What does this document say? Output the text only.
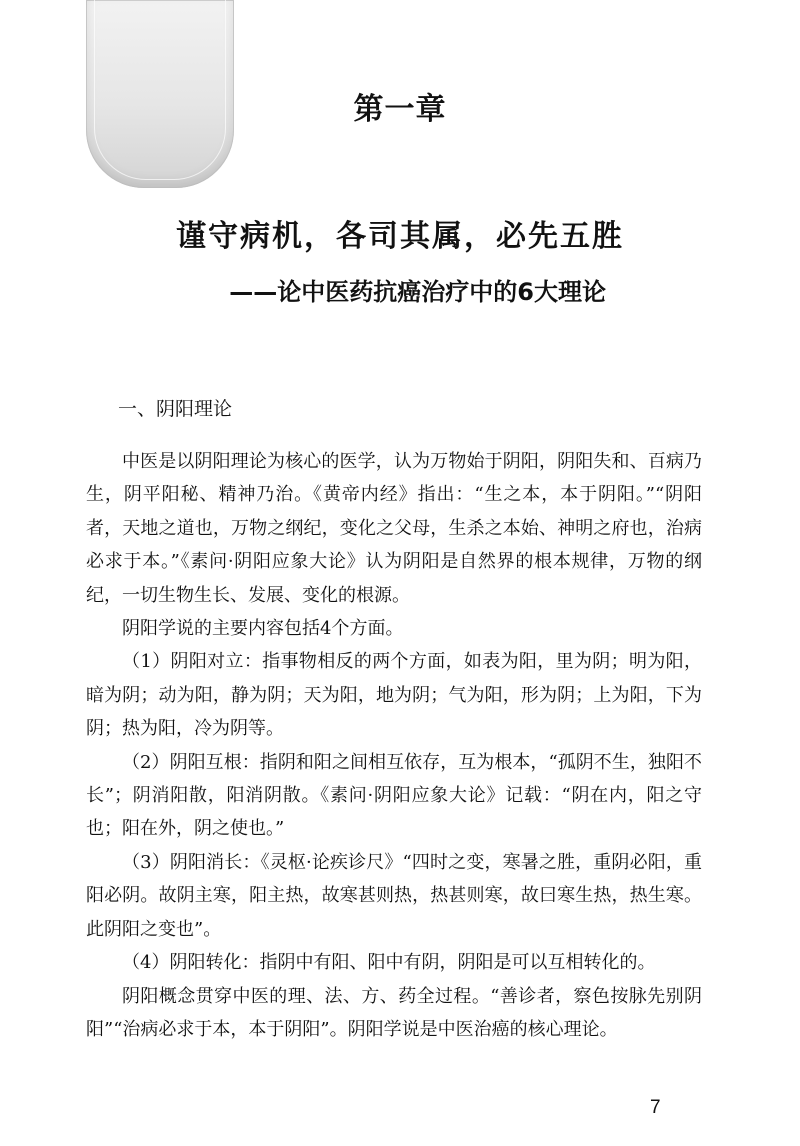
第一章
谨守病机，各司其属，必先五胜
——论中医药抗癌治疗中的6大理论
一、阴阳理论

中医是以阴阳理论为核心的医学，认为万物始于阴阳，阴阳失和、百病乃生，阴平阳秘、精神乃治。《黄帝内经》指出：“生之本，本于阴阳。”“阴阳者，天地之道也，万物之纲纪，变化之父母，生杀之本始、神明之府也，治病必求于本。”《素问·阴阳应象大论》认为阴阳是自然界的根本规律，万物的纲纪，一切生物生长、发展、变化的根源。

阴阳学说的主要内容包括4个方面。

（1）阴阳对立：指事物相反的两个方面，如表为阳，里为阴；明为阳，暗为阴；动为阳，静为阴；天为阳，地为阴；气为阳，形为阴；上为阳，下为阴；热为阳，冷为阴等。

（2）阴阳互根：指阴和阳之间相互依存，互为根本，“孤阴不生，独阳不长”；阴消阳散，阳消阴散。《素问·阴阳应象大论》记载：“阴在内，阳之守也；阳在外，阴之使也。”

（3）阴阳消长：《灵枢·论疾诊尺》“四时之变，寒暑之胜，重阴必阳，重阳必阴。故阴主寒，阳主热，故寒甚则热，热甚则寒，故曰寒生热，热生寒。此阴阳之变也”。

（4）阴阳转化：指阴中有阳、阳中有阴，阴阳是可以互相转化的。

阴阳概念贯穿中医的理、法、方、药全过程。“善诊者，察色按脉先别阴阳”“治病必求于本，本于阴阳”。阴阳学说是中医治癌的核心理论。

7
